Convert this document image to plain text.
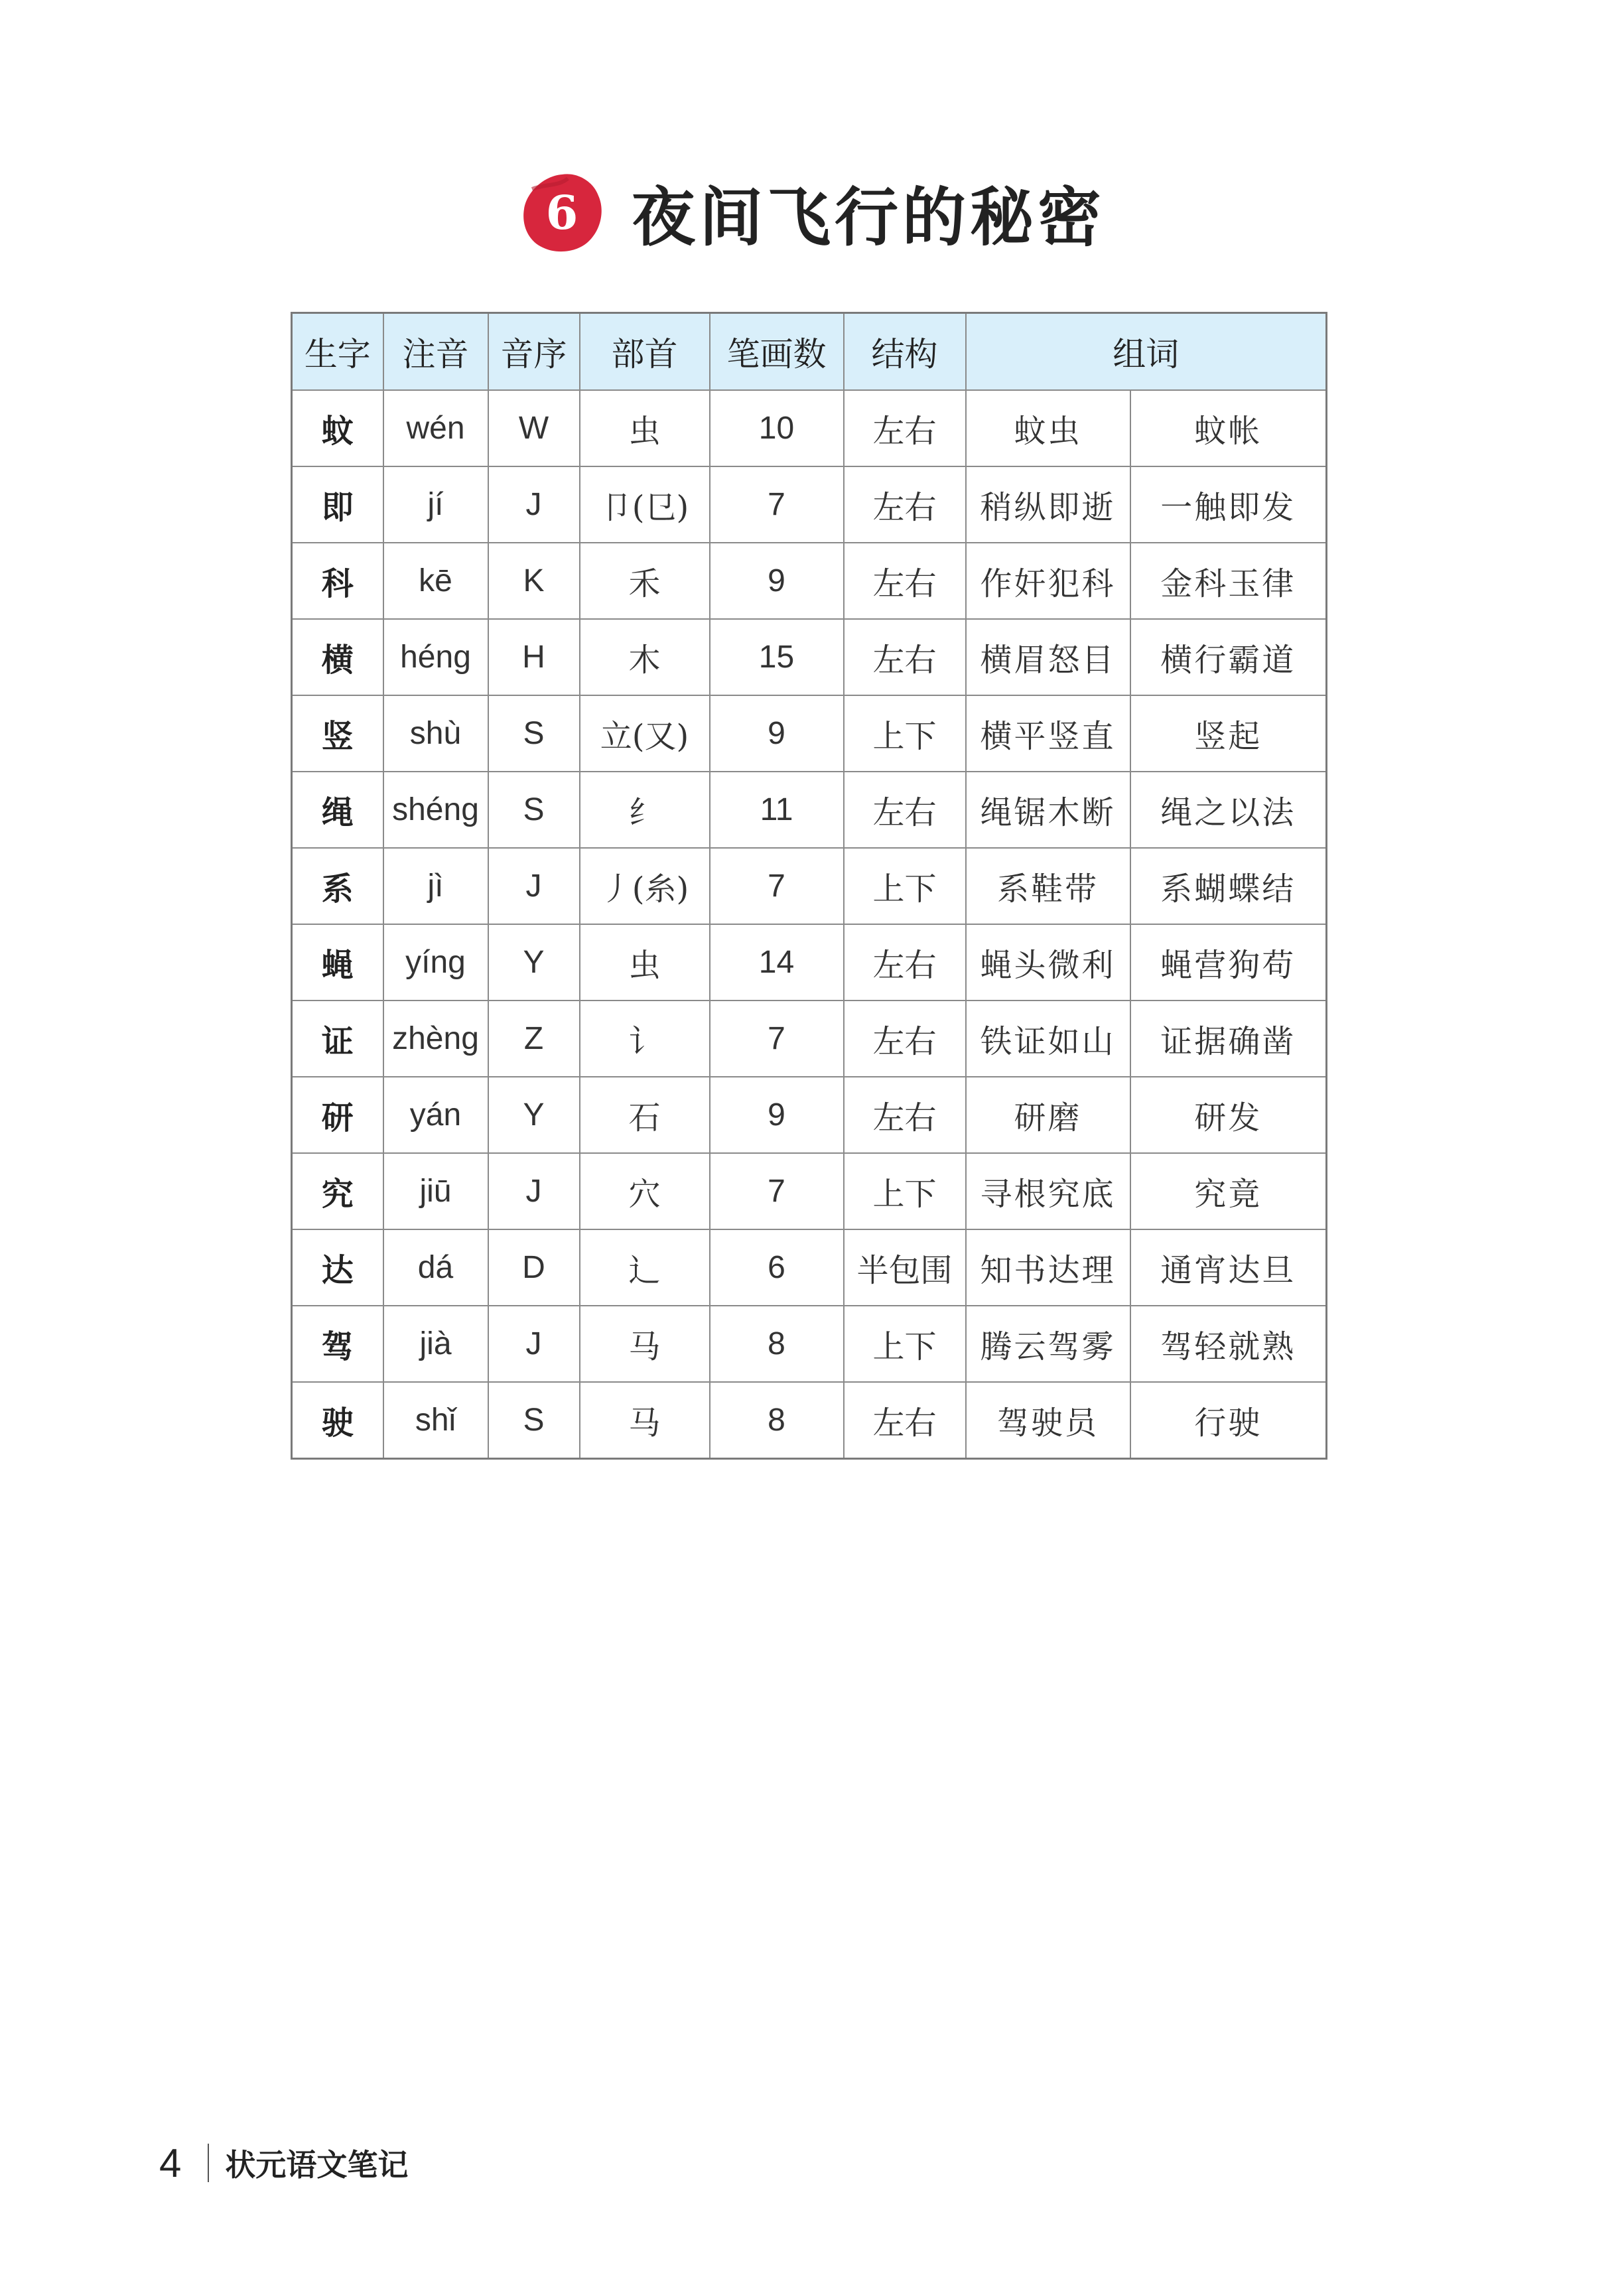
6 夜间飞行的秘密
生字	注音	音序	部首	笔画数	结构	组词	
蚊	wén	W	虫	10	左右	蚊虫	蚊帐
即	jí	J	卩(㔾)	7	左右	稍纵即逝	一触即发
科	kē	K	禾	9	左右	作奸犯科	金科玉律
横	héng	H	木	15	左右	横眉怒目	横行霸道
竖	shù	S	立(又)	9	上下	横平竖直	竖起
绳	shéng	S	纟	11	左右	绳锯木断	绳之以法
系	jì	J	丿(糸)	7	上下	系鞋带	系蝴蝶结
蝇	yíng	Y	虫	14	左右	蝇头微利	蝇营狗苟
证	zhèng	Z	讠	7	左右	铁证如山	证据确凿
研	yán	Y	石	9	左右	研磨	研发
究	jiū	J	穴	7	上下	寻根究底	究竟
达	dá	D	辶	6	半包围	知书达理	通宵达旦
驾	jià	J	马	8	上下	腾云驾雾	驾轻就熟
驶	shǐ	S	马	8	左右	驾驶员	行驶
4 状元语文笔记
